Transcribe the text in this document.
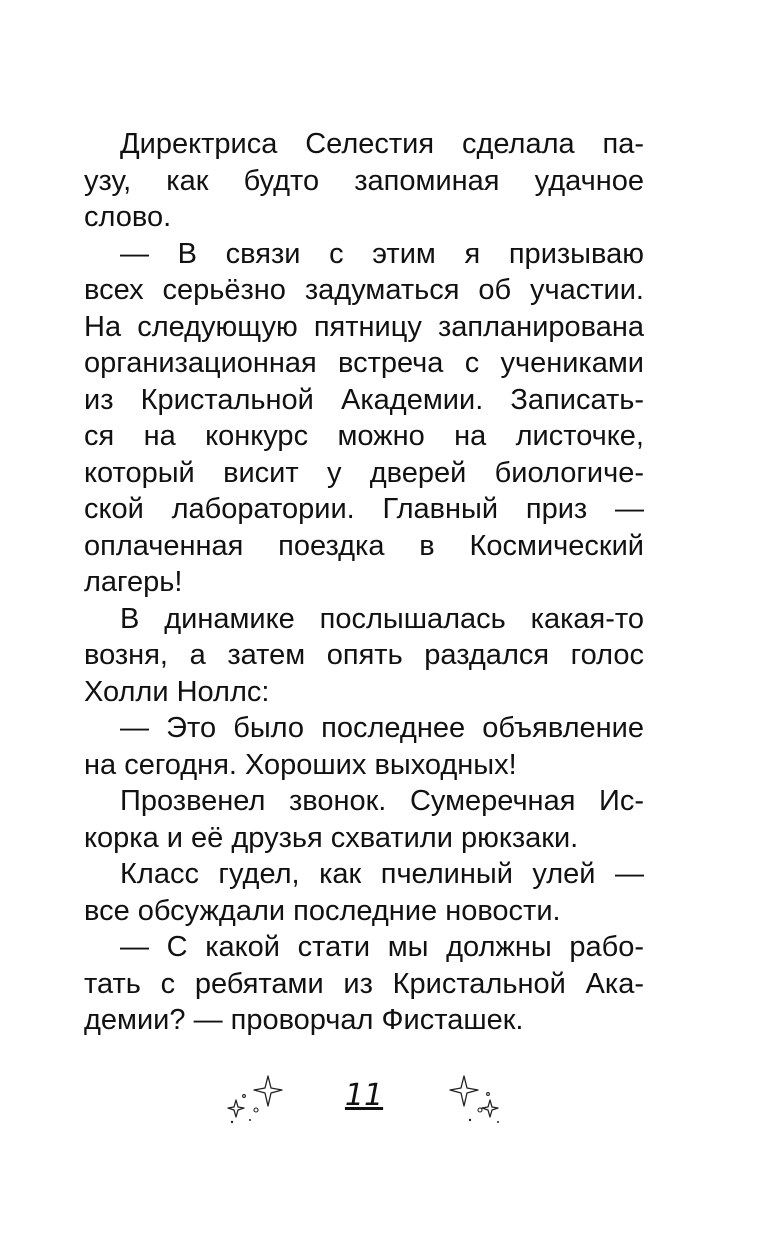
Директриса Селестия сделала па-
узу, как будто запоминая удачное
слово.
— В связи с этим я призываю
всех серьёзно задуматься об участии.
На следующую пятницу запланирована
организационная встреча с учениками
из Кристальной Академии. Записать-
ся на конкурс можно на листочке,
который висит у дверей биологиче-
ской лаборатории. Главный приз —
оплаченная поездка в Космический
лагерь!
В динамике послышалась какая-то
возня, а затем опять раздался голос
Холли Ноллс:
— Это было последнее объявление
на сегодня. Хороших выходных!
Прозвенел звонок. Сумеречная Ис-
корка и её друзья схватили рюкзаки.
Класс гудел, как пчелиный улей —
все обсуждали последние новости.
— С какой стати мы должны рабо-
тать с ребятами из Кристальной Ака-
демии? — проворчал Фисташек.
11
